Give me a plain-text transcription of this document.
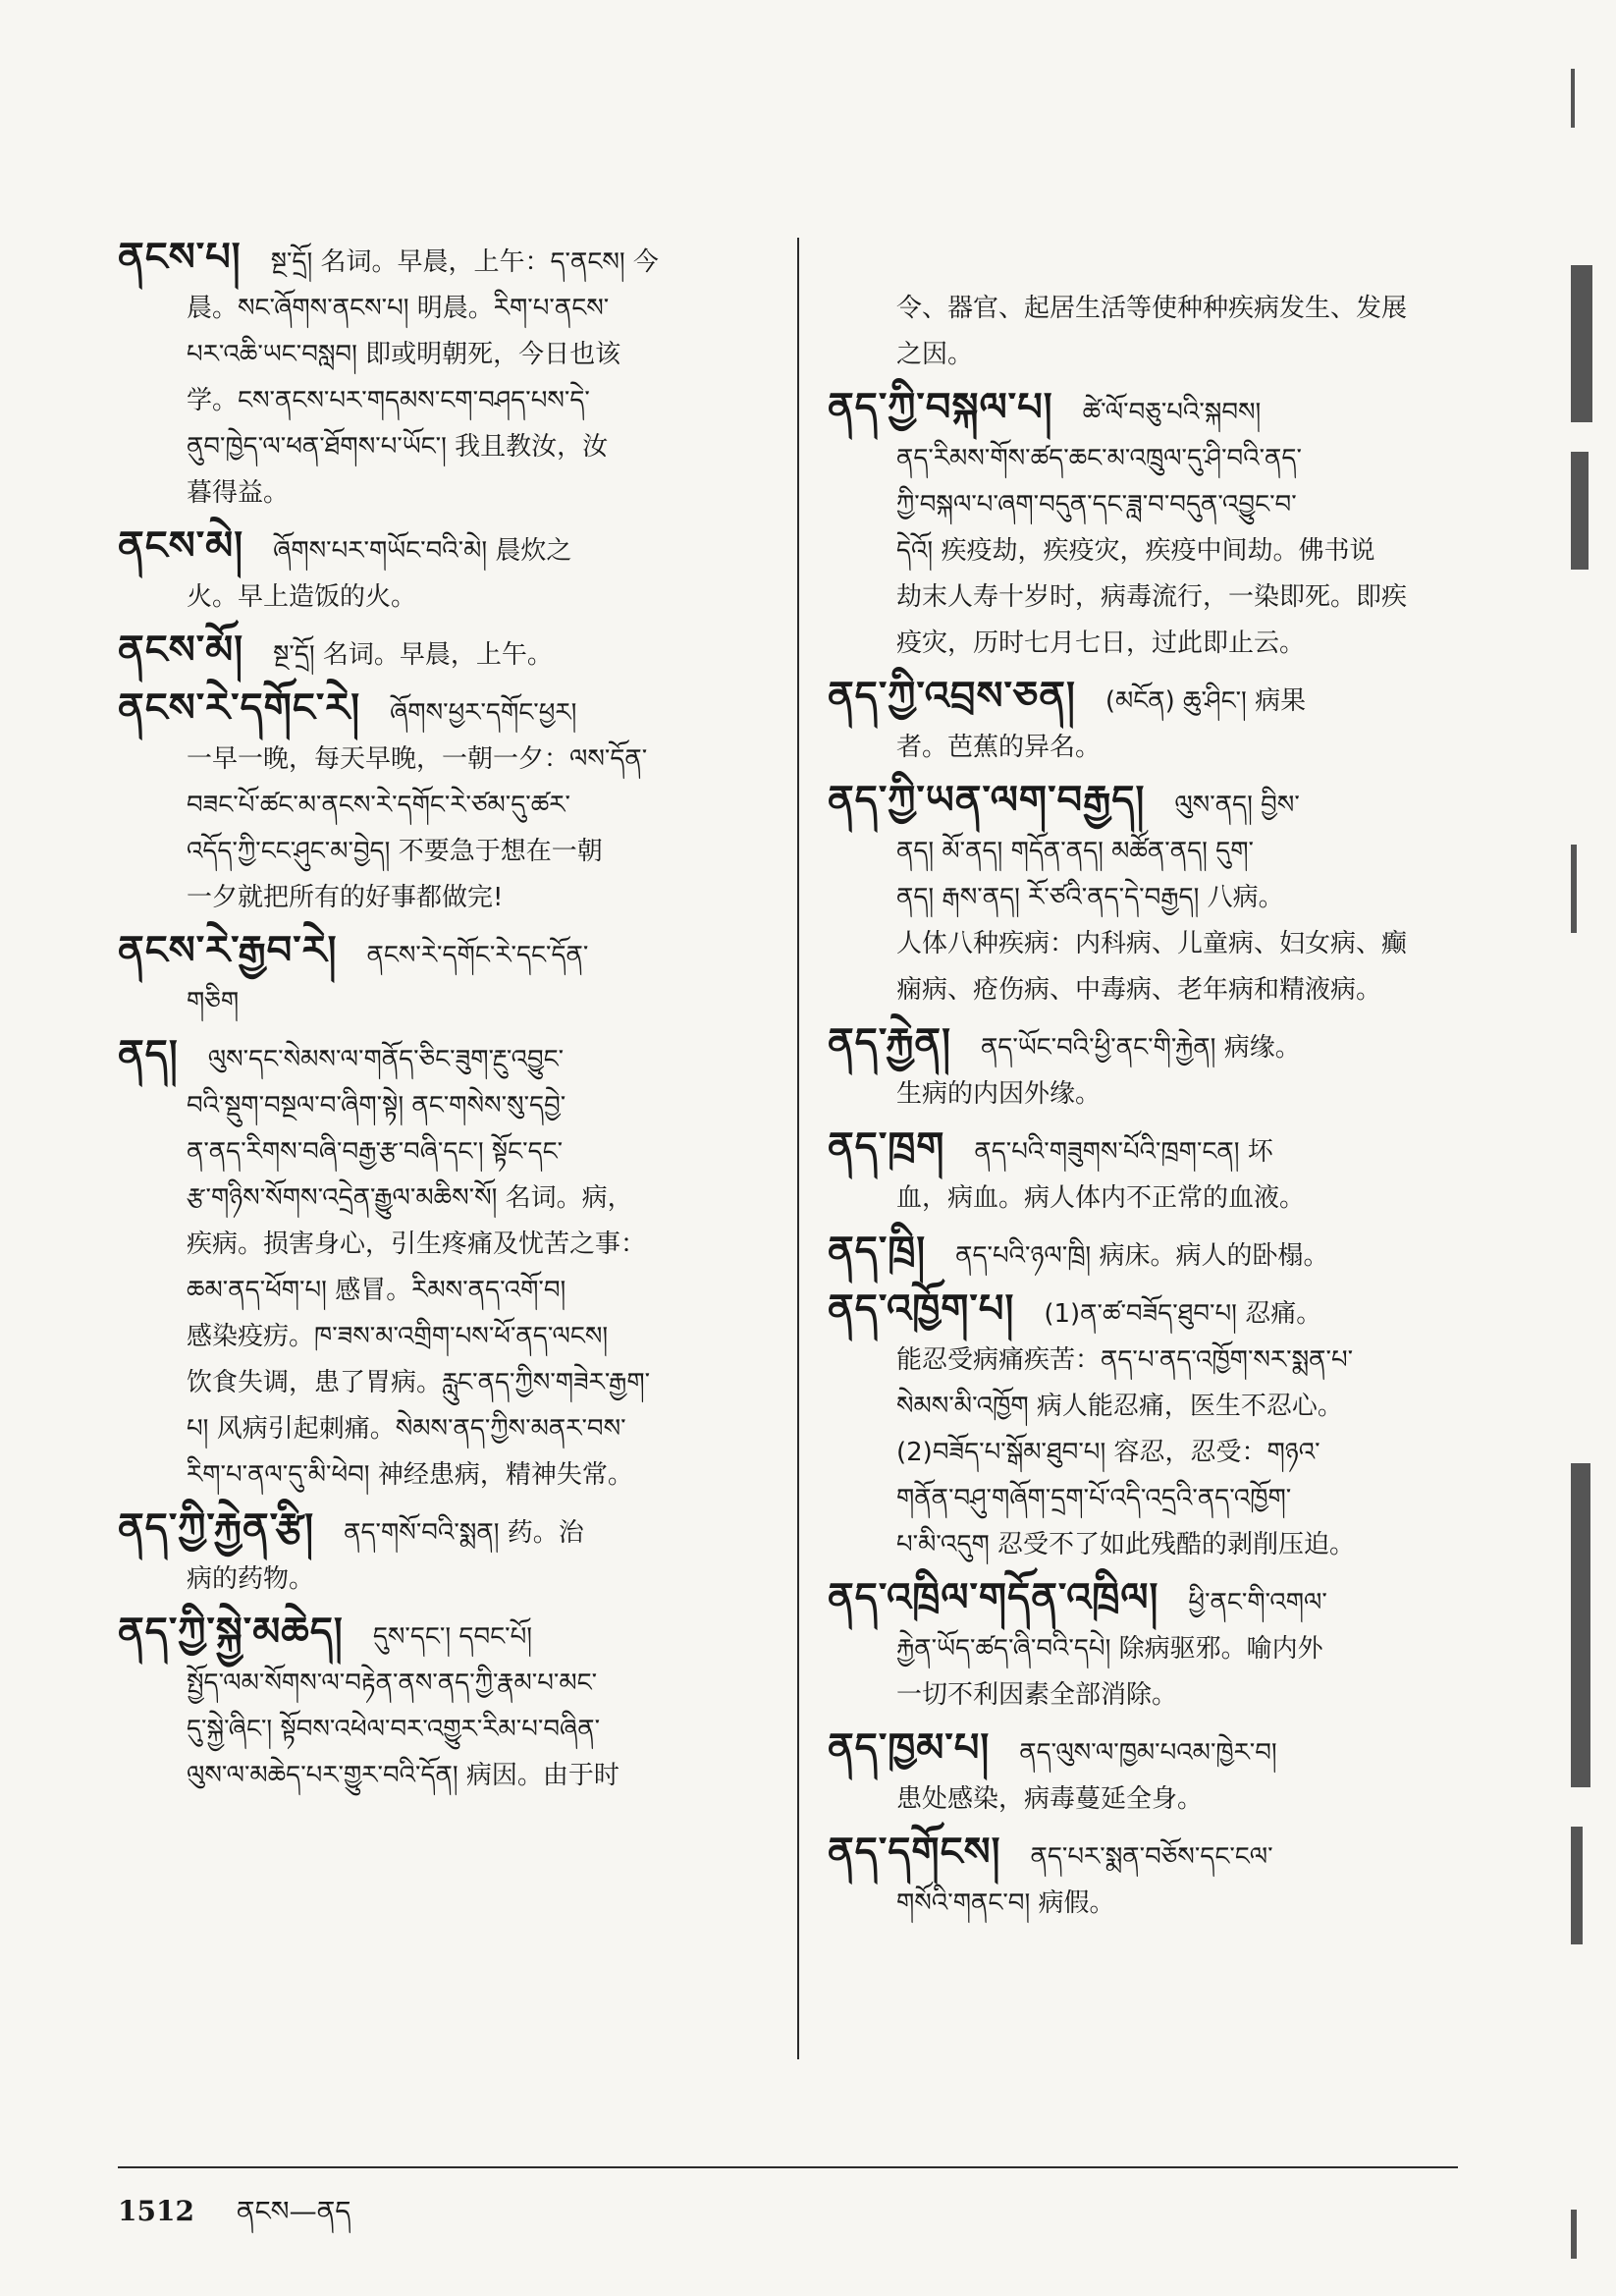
ནངས་པ། སྔ་དྲོ། 名词。早晨，上午：ད་ནངས། 今
晨。སང་ཞོགས་ནངས་པ། 明晨。རིག་པ་ནངས་
པར་འཆི་ཡང་བསླབ། 即或明朝死，今日也该
学。ངས་ནངས་པར་གདམས་ངག་བཤད་པས་དེ་
ནུབ་ཁྱེད་ལ་ཕན་ཐོགས་པ་ཡོང་། 我且教汝，汝
暮得益。
ནངས་མེ། ཞོགས་པར་གཡོང་བའི་མེ། 晨炊之
火。早上造饭的火。
ནངས་མོ། སྔ་དྲོ། 名词。早晨，上午。
ནངས་རེ་དགོང་རེ། ཞོགས་ཕྱར་དགོང་ཕྱར།
一早一晚，每天早晚，一朝一夕：ལས་དོན་
བཟང་པོ་ཚང་མ་ནངས་རེ་དགོང་རེ་ཙམ་དུ་ཚར་
འདོད་ཀྱི་ངང་ཤུང་མ་བྱེད། 不要急于想在一朝
一夕就把所有的好事都做完!
ནངས་རེ་རྒྱབ་རེ། ནངས་རེ་དགོང་རེ་དང་དོན་
གཅིག
ནད། ལུས་དང་སེམས་ལ་གནོད་ཅིང་ཟུག་རྔུ་འབྱུང་
བའི་སྡུག་བསྔལ་བ་ཞིག་སྟེ། ནང་གསེས་སུ་དབྱེ་
ན་ནད་རིགས་བཞི་བརྒྱ་རྩ་བཞི་དང་། སྟོང་དང་
རྩ་གཉིས་སོགས་འདྲེན་རྒྱུལ་མཆིས་སོ། 名词。病，
疾病。损害身心，引生疼痛及忧苦之事：
ཆམ་ནད་ཕོག་པ། 感冒。རིམས་ནད་འགོ་བ།
感染疫疠。ཁ་ཟས་མ་འགྲིག་པས་ཕོ་ནད་ལངས།
饮食失调，患了胃病。རླུང་ནད་ཀྱིས་གཟེར་རྒྱག་
པ། 风病引起刺痛。སེམས་ནད་ཀྱིས་མནར་བས་
རིག་པ་ནལ་དུ་མི་ཕེབ། 神经患病，精神失常。
ནད་ཀྱི་རྐྱེན་རྩི། ནད་གསོ་བའི་སྨན། 药。治
病的药物。
ནད་ཀྱི་སྐྱེ་མཆེད། དུས་དང་། དབང་པོ།
སྤྱོད་ལམ་སོགས་ལ་བརྟེན་ནས་ནད་ཀྱི་རྣམ་པ་མང་
དུ་སྐྱེ་ཞིང་། སྟོབས་འཕེལ་བར་འགྱུར་རིམ་པ་བཞིན་
ལུས་ལ་མཆེད་པར་གྱུར་བའི་དོན། 病因。由于时
令、器官、起居生活等使种种疾病发生、发展
之因。
ནད་ཀྱི་བསྐལ་པ། ཚེ་ལོ་བཅུ་པའི་སྐབས།
ནད་རིམས་གོས་ཚད་ཆང་མ་འཁྲུལ་དུ་ཤི་བའི་ནད་
ཀྱི་བསྐལ་པ་ཞག་བདུན་དང་ཟླ་བ་བདུན་འབྱུང་བ་
དེའོ། 疾疫劫，疾疫灾，疾疫中间劫。佛书说
劫末人寿十岁时，病毒流行，一染即死。即疾
疫灾，历时七月七日，过此即止云。
ནད་ཀྱི་འབྲས་ཅན། (མངོན) ཆུ་ཤིང་། 病果
者。芭蕉的异名。
ནད་ཀྱི་ཡན་ལག་བརྒྱད། ལུས་ནད། བྱིས་
ནད། མོ་ནད། གདོན་ནད། མཚོན་ནད། དུག་
ནད། རྒས་ནད། རོ་ཙའི་ནད་དེ་བརྒྱད། 八病。
人体八种疾病：内科病、儿童病、妇女病、癫
痫病、疮伤病、中毒病、老年病和精液病。
ནད་རྐྱེན། ནད་ཡོང་བའི་ཕྱི་ནང་གི་རྐྱེན། 病缘。
生病的内因外缘。
ནད་ཁྲག ནད་པའི་གཟུགས་པོའི་ཁྲག་ངན། 坏
血，病血。病人体内不正常的血液。
ནད་ཁྲི། ནད་པའི་ཉལ་ཁྲི། 病床。病人的卧榻。
ནད་འཁྱོག་པ། (1)ན་ཚ་བཟོད་ཐུབ་པ། 忍痛。
能忍受病痛疾苦：ནད་པ་ནད་འཁྱོག་སར་སྨན་པ་
སེམས་མི་འཁྱོག 病人能忍痛，医生不忍心。
(2)བཟོད་པ་སྒོམ་ཐུབ་པ། 容忍，忍受：གཉའ་
གནོན་བཤུ་གཞོག་དྲག་པོ་འདི་འདྲའི་ནད་འཁྱོག་
པ་མི་འདུག 忍受不了如此残酷的剥削压迫。
ནད་འཁྲིལ་གདོན་འཁྲིལ། ཕྱི་ནང་གི་འགལ་
རྐྱེན་ཡོད་ཚད་ཞི་བའི་དཔེ། 除病驱邪。喻内外
一切不利因素全部消除。
ནད་ཁྱམ་པ། ནད་ལུས་ལ་ཁྱམ་པའམ་ཁྱེར་བ།
患处感染，病毒蔓延全身。
ནད་དགོངས། ནད་པར་སྨན་བཅོས་དང་ངལ་
གསོའི་གནང་བ། 病假。
1512 ནངས—ནད
